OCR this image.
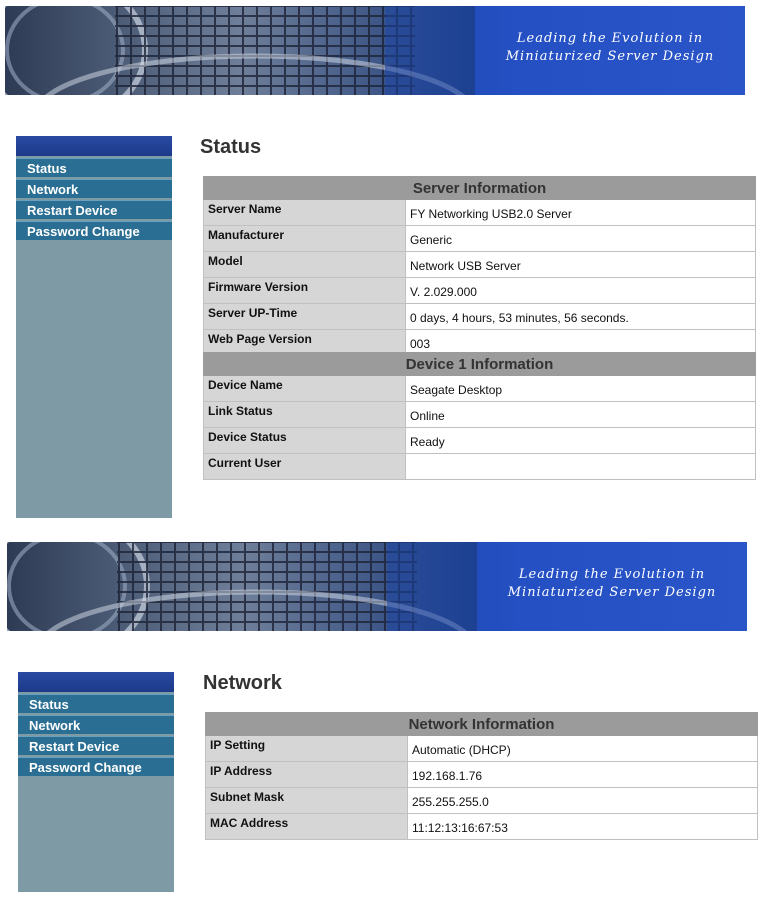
Leading the Evolution in
Miniaturized Server Design
Status
Network
Restart Device
Password Change
Status
Server Information	
Server Name	FY Networking USB2.0 Server
Manufacturer	Generic
Model	Network USB Server
Firmware Version	V. 2.029.000
Server UP-Time	0 days, 4 hours, 53 minutes, 56 seconds.
Web Page Version	003
Device 1 Information	
Device Name	Seagate Desktop
Link Status	Online
Device Status	Ready
Current User	
Leading the Evolution in
Miniaturized Server Design
Status
Network
Restart Device
Password Change
Network
Network Information	
IP Setting	Automatic (DHCP)
IP Address	192.168.1.76
Subnet Mask	255.255.255.0
MAC Address	11:12:13:16:67:53
